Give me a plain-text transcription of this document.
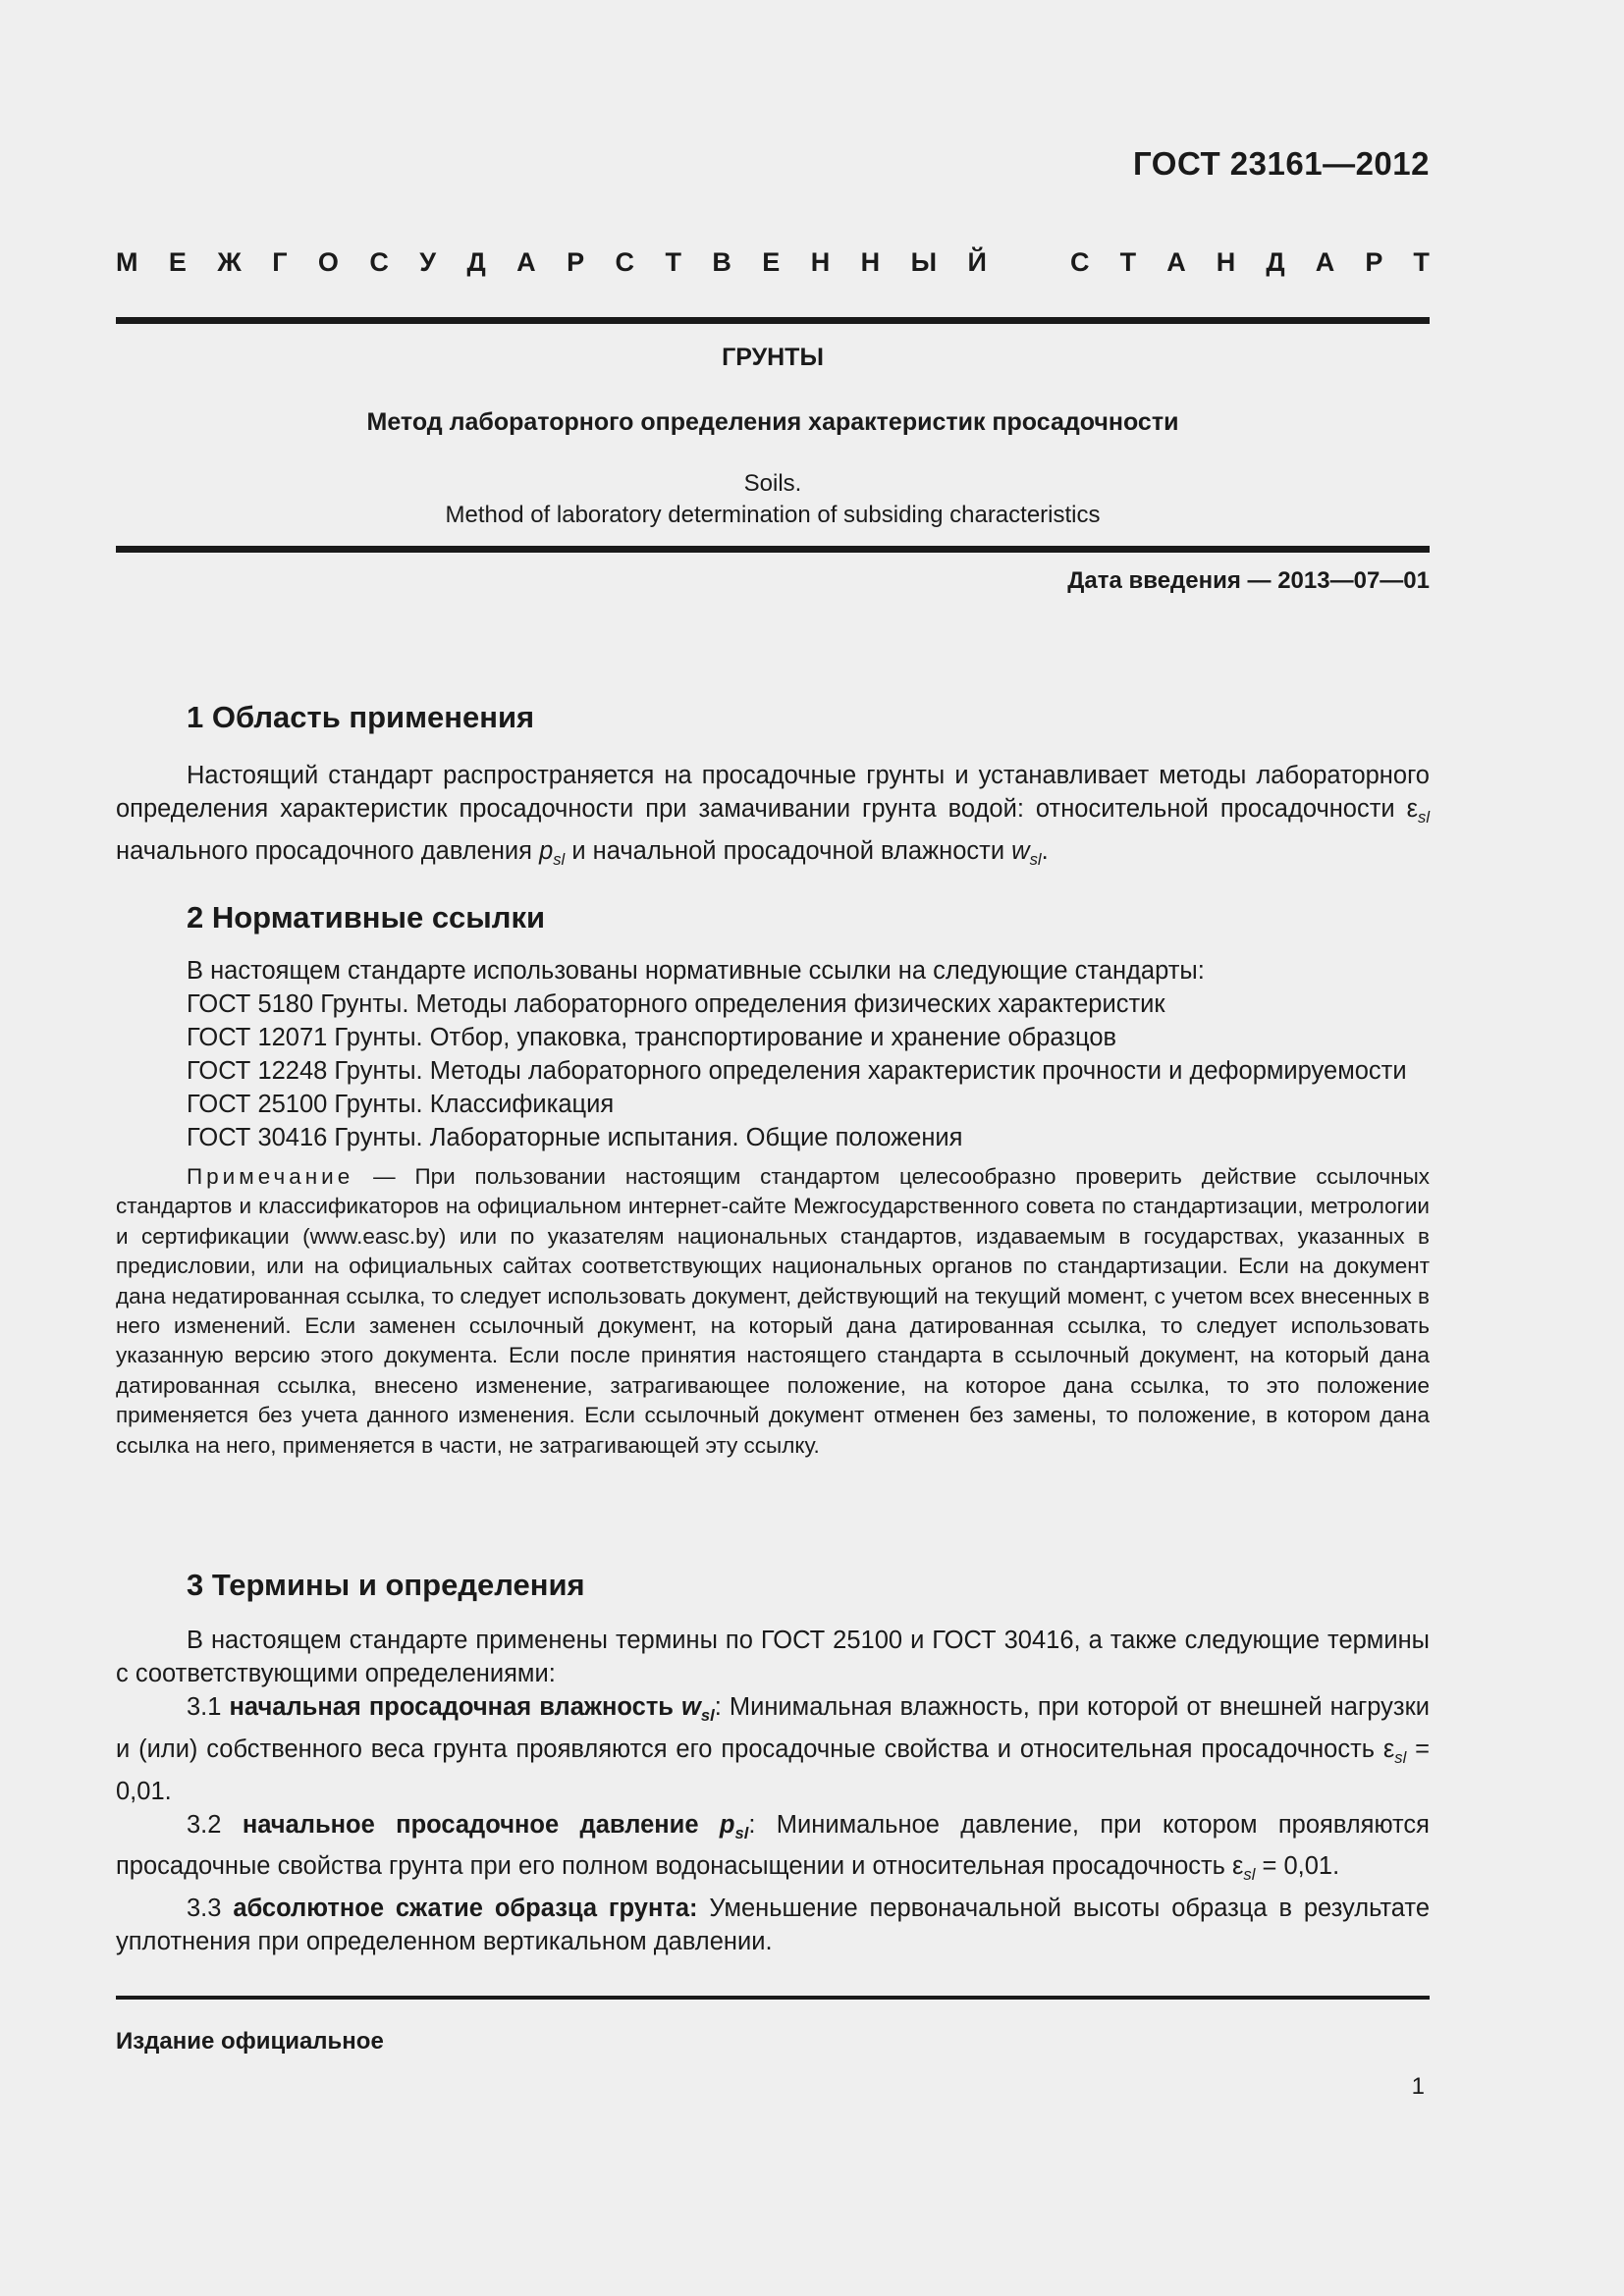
ГОСТ 23161—2012
М Е Ж Г О С У Д А Р С Т В Е Н Н Ы Й	С Т А Н Д А Р Т
ГРУНТЫ
Метод лабораторного определения характеристик просадочности
Soils.
Method of laboratory determination of subsiding characteristics
Дата введения — 2013—07—01
1 Область применения

Настоящий стандарт распространяется на просадочные грунты и устанавливает методы лабораторного определения характеристик просадочности при замачивании грунта водой: относительной просадочности $\varepsilon_{sl}$ начального просадочного давления $p_{sl}$ и начальной просадочной влажности $w_{sl}$.

2 Нормативные ссылки

В настоящем стандарте использованы нормативные ссылки на следующие стандарты:

ГОСТ 5180 Грунты. Методы лабораторного определения физических характеристик

ГОСТ 12071 Грунты. Отбор, упаковка, транспортирование и хранение образцов

ГОСТ 12248 Грунты. Методы лабораторного определения характеристик прочности и деформируемости

ГОСТ 25100 Грунты. Классификация

ГОСТ 30416 Грунты. Лабораторные испытания. Общие положения

Примечание — При пользовании настоящим стандартом целесообразно проверить действие ссылочных стандартов и классификаторов на официальном интернет-сайте Межгосударственного совета по стандартизации, метрологии и сертификации (www.easc.by) или по указателям национальных стандартов, издаваемым в государствах, указанных в предисловии, или на официальных сайтах соответствующих национальных органов по стандартизации. Если на документ дана недатированная ссылка, то следует использовать документ, действующий на текущий момент, с учетом всех внесенных в него изменений. Если заменен ссылочный документ, на который дана датированная ссылка, то следует использовать указанную версию этого документа. Если после принятия настоящего стандарта в ссылочный документ, на который дана датированная ссылка, внесено изменение, затрагивающее положение, на которое дана ссылка, то это положение применяется без учета данного изменения. Если ссылочный документ отменен без замены, то положение, в котором дана ссылка на него, применяется в части, не затрагивающей эту ссылку.

3 Термины и определения

В настоящем стандарте применены термины по ГОСТ 25100 и ГОСТ 30416, а также следующие термины с соответствующими определениями:

3.1 начальная просадочная влажность $w_{sl}$: Минимальная влажность, при которой от внешней нагрузки и (или) собственного веса грунта проявляются его просадочные свойства и относительная просадочность $\varepsilon_{sl} = 0,01$.

3.2 начальное просадочное давление $p_{sl}$: Минимальное давление, при котором проявляются просадочные свойства грунта при его полном водонасыщении и относительная просадочность $\varepsilon_{sl} = 0,01$.

3.3 абсолютное сжатие образца грунта: Уменьшение первоначальной высоты образца в результате уплотнения при определенном вертикальном давлении.

Издание официальное
1
